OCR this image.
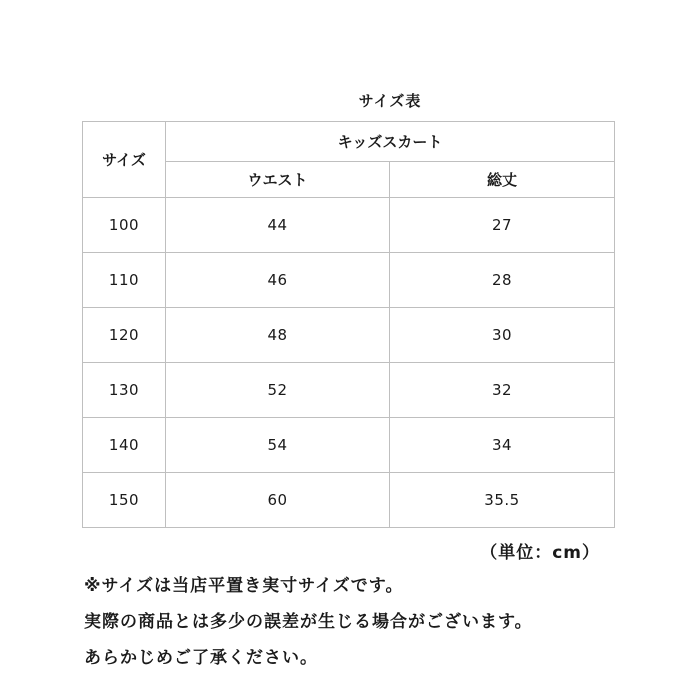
サイズ表
サイズ	キッズスカート	
	ウエスト	総丈
100	44	27
110	46	28
120	48	30
130	52	32
140	54	34
150	60	35.5
（単位：cm）
※サイズは当店平置き実寸サイズです。
実際の商品とは多少の誤差が生じる場合がございます。
あらかじめご了承ください。
